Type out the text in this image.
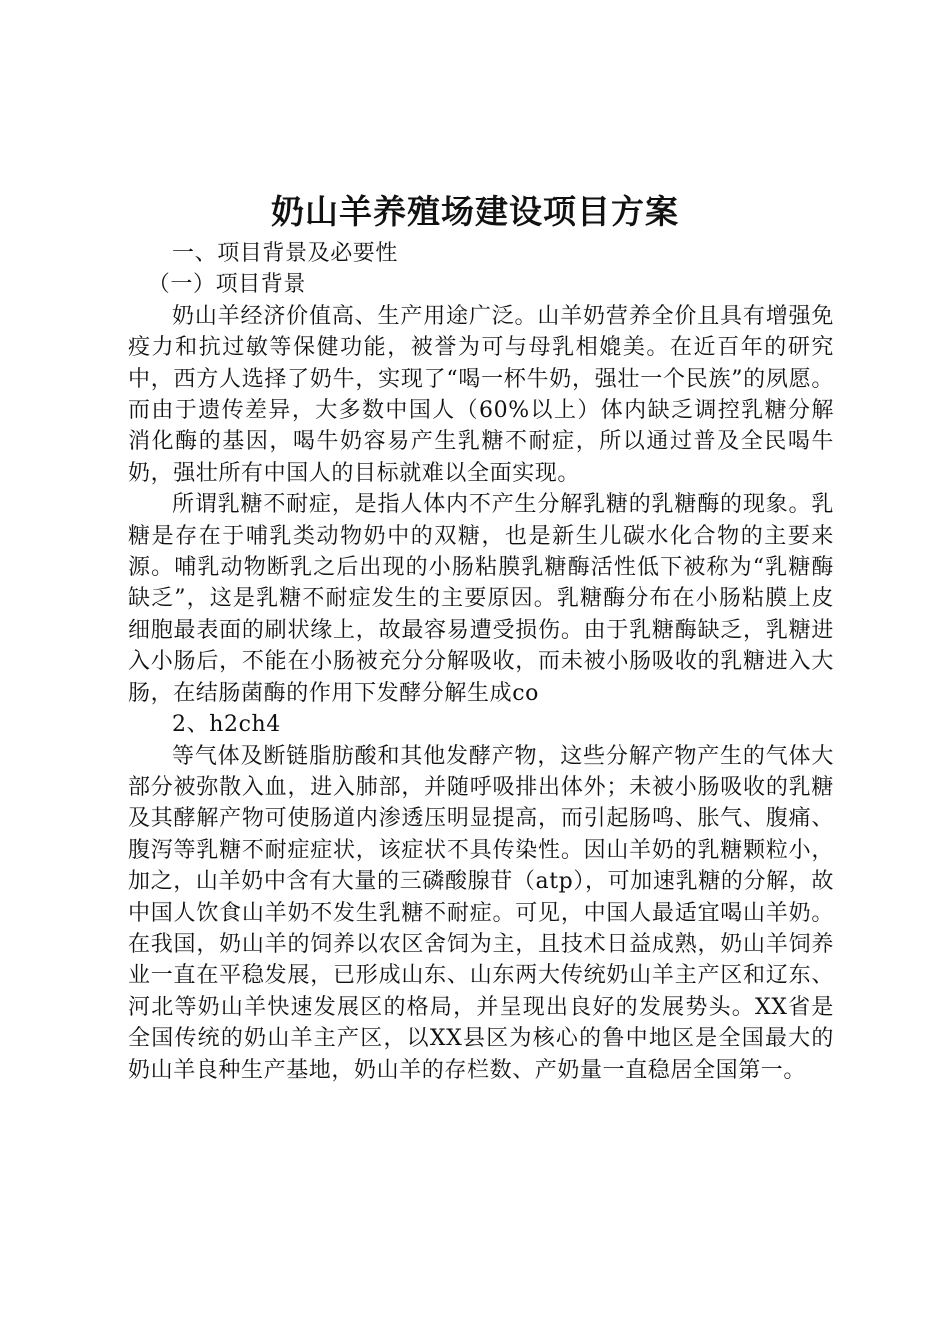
奶山羊养殖场建设项目方案

一、项目背景及必要性

（一）项目背景

奶山羊经济价值高、生产用途广泛。山羊奶营养全价且具有增强免疫力和抗过敏等保健功能，被誉为可与母乳相媲美。在近百年的研究中，西方人选择了奶牛，实现了“喝一杯牛奶，强壮一个民族”的夙愿。而由于遗传差异，大多数中国人（60%以上）体内缺乏调控乳糖分解消化酶的基因，喝牛奶容易产生乳糖不耐症，所以通过普及全民喝牛奶，强壮所有中国人的目标就难以全面实现。

所谓乳糖不耐症，是指人体内不产生分解乳糖的乳糖酶的现象。乳糖是存在于哺乳类动物奶中的双糖，也是新生儿碳水化合物的主要来源。哺乳动物断乳之后出现的小肠粘膜乳糖酶活性低下被称为“乳糖酶缺乏”，这是乳糖不耐症发生的主要原因。乳糖酶分布在小肠粘膜上皮细胞最表面的刷状缘上，故最容易遭受损伤。由于乳糖酶缺乏，乳糖进入小肠后，不能在小肠被充分分解吸收，而未被小肠吸收的乳糖进入大肠，在结肠菌酶的作用下发酵分解生成co

2、h2ch4

等气体及断链脂肪酸和其他发酵产物，这些分解产物产生的气体大部分被弥散入血，进入肺部，并随呼吸排出体外；未被小肠吸收的乳糖及其酵解产物可使肠道内渗透压明显提高，而引起肠鸣、胀气、腹痛、腹泻等乳糖不耐症症状，该症状不具传染性。因山羊奶的乳糖颗粒小，加之，山羊奶中含有大量的三磷酸腺苷（atp），可加速乳糖的分解，故中国人饮食山羊奶不发生乳糖不耐症。可见，中国人最适宜喝山羊奶。在我国，奶山羊的饲养以农区舍饲为主，且技术日益成熟，奶山羊饲养业一直在平稳发展，已形成山东、山东两大传统奶山羊主产区和辽东、河北等奶山羊快速发展区的格局，并呈现出良好的发展势头。XX省是全国传统的奶山羊主产区，以XX县区为核心的鲁中地区是全国最大的奶山羊良种生产基地，奶山羊的存栏数、产奶量一直稳居全国第一。
